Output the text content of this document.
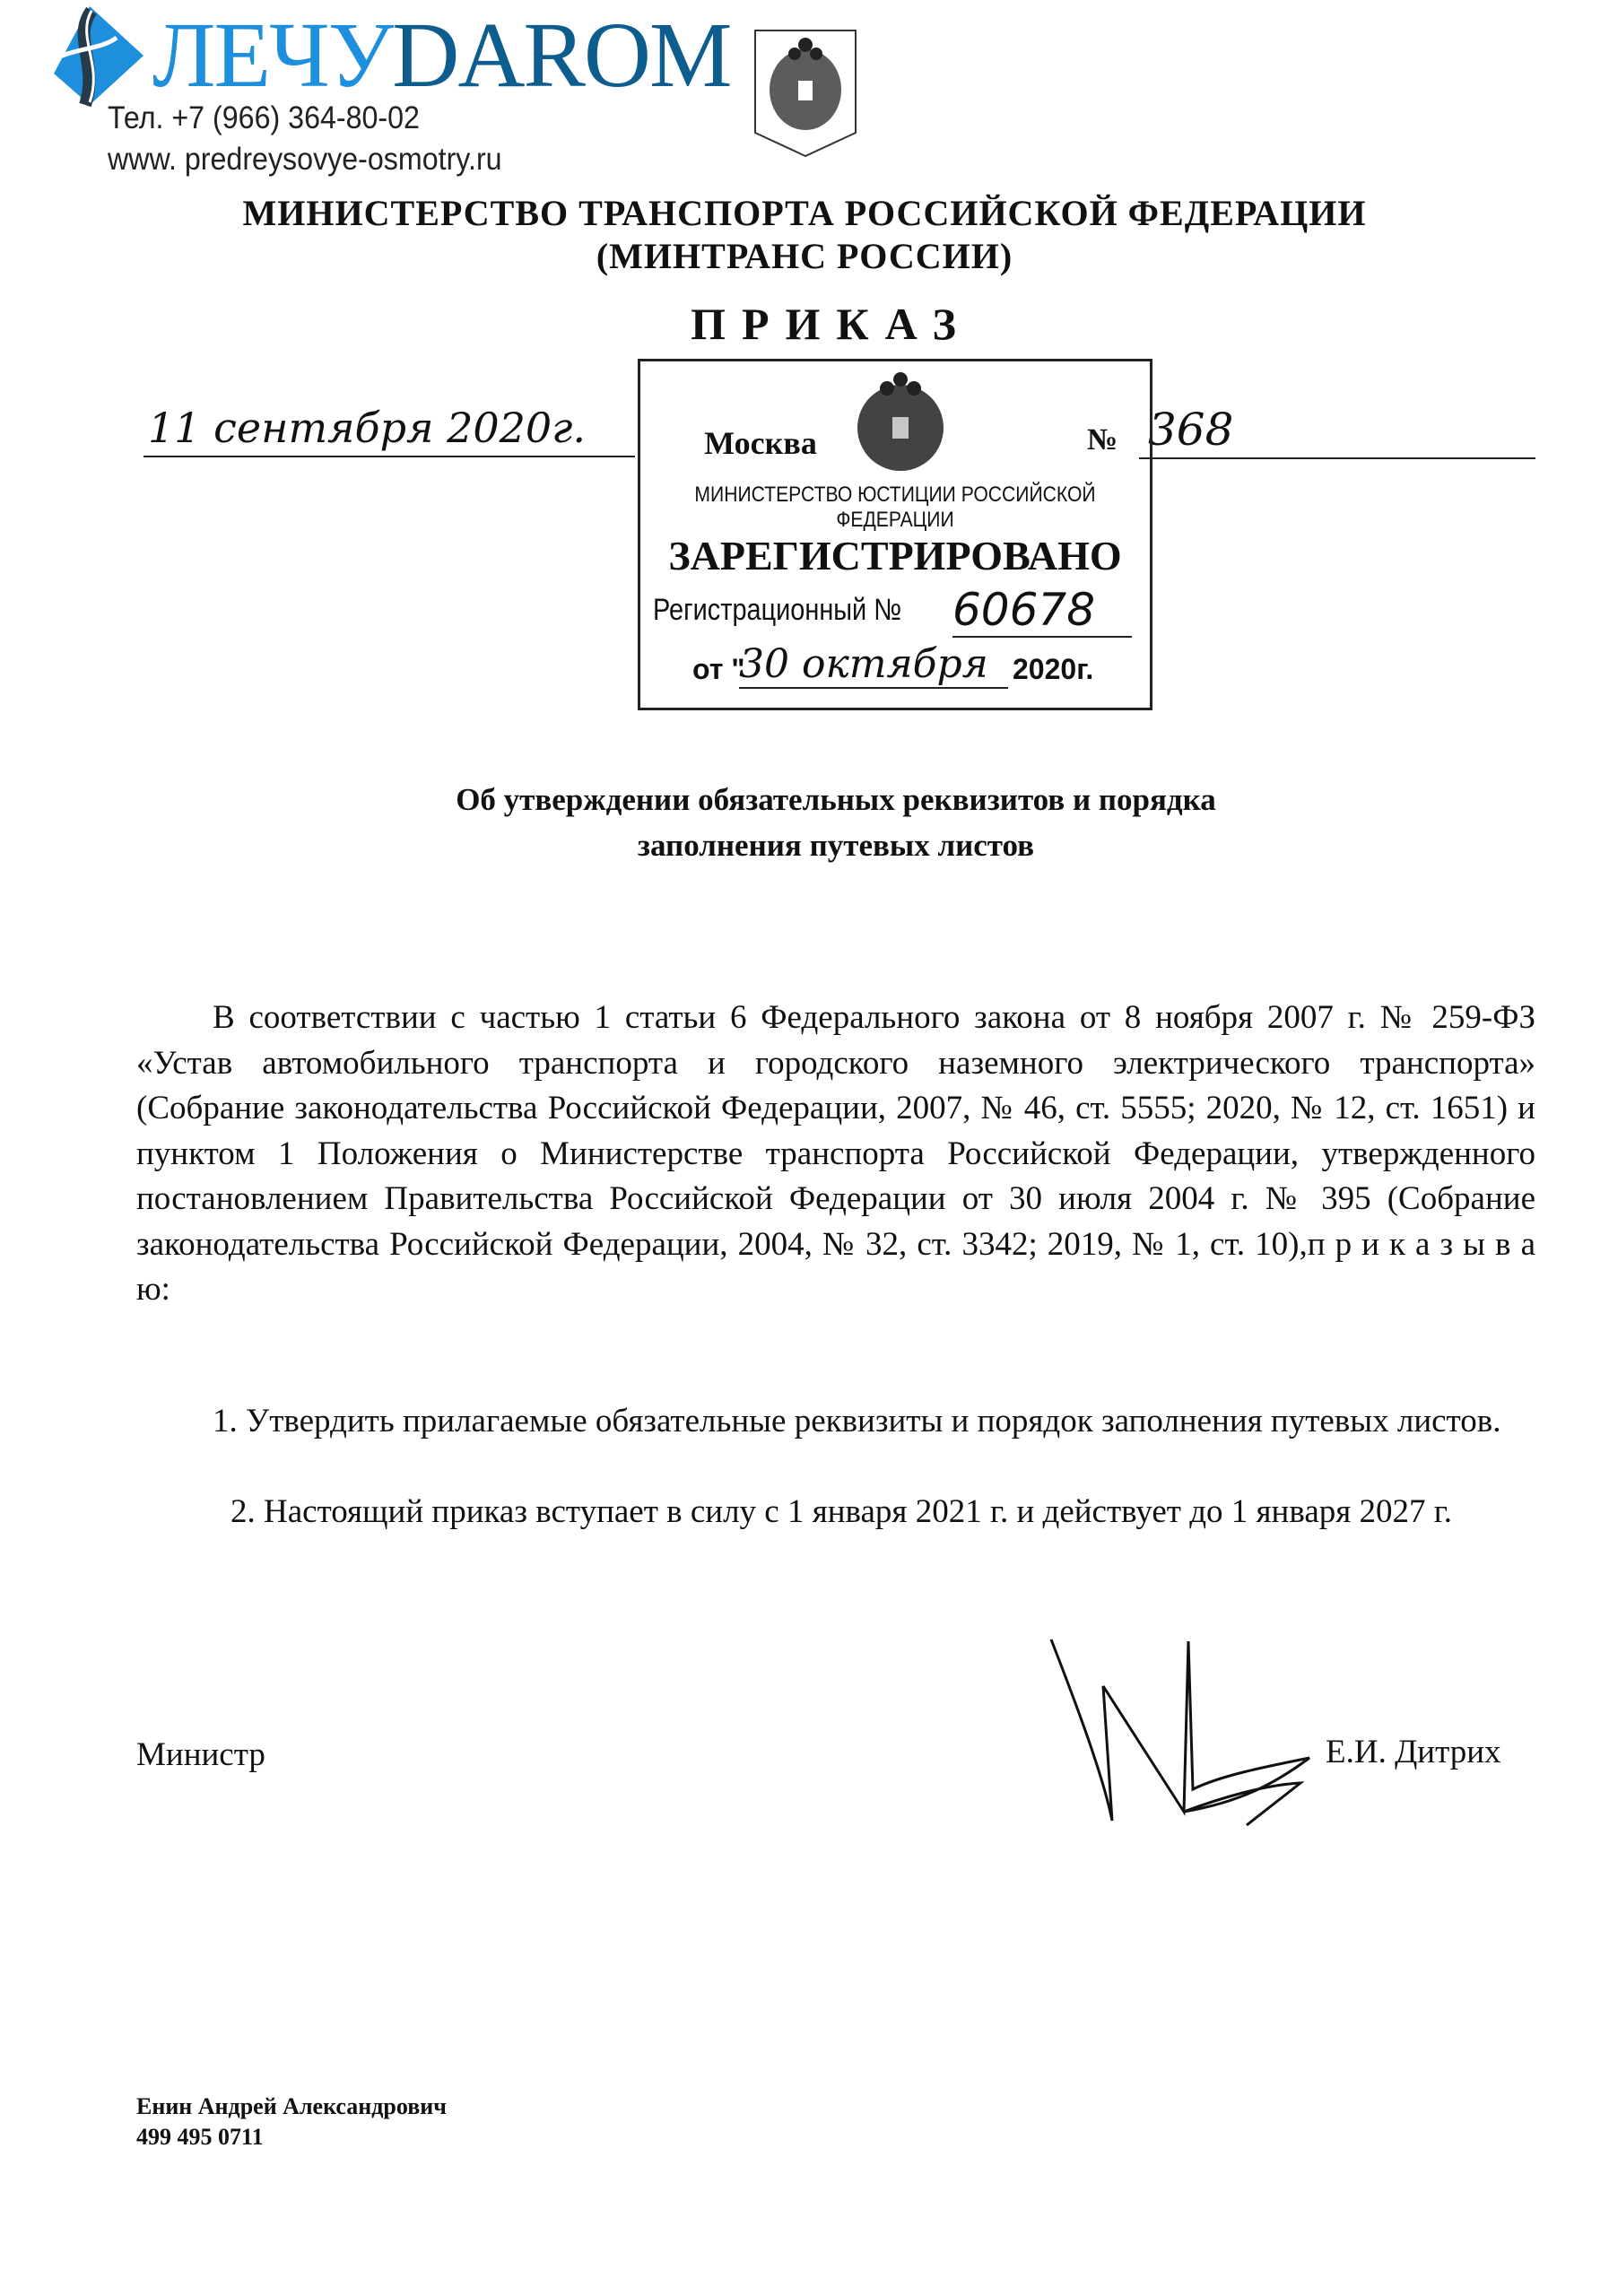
ЛЕЧУDAROM
Тел. +7 (966) 364-80-02
www. predreysovye-osmotry.ru
МИНИСТЕРСТВО ТРАНСПОРТА РОССИЙСКОЙ ФЕДЕРАЦИИ
(МИНТРАНС РОССИИ)
ПРИКАЗ
11 сентября 2020г.	№ 368
Москва
МИНИСТЕРСТВО ЮСТИЦИИ РОССИЙСКОЙ ФЕДЕРАЦИИ
ЗАРЕГИСТРИРОВАНО
Регистрационный № 60678
от "
30 октября 2020г.
Об утверждении обязательных реквизитов и порядка
заполнения путевых листов
В соответствии с частью 1 статьи 6 Федерального закона от 8 ноября 2007 г. № 259-ФЗ «Устав автомобильного транспорта и городского наземного электрического транспорта» (Собрание законодательства Российской Федерации, 2007, № 46, ст. 5555; 2020, № 12, ст. 1651) и пунктом 1 Положения о Министерстве транспорта Российской Федерации, утвержденного постановлением Правительства Российской Федерации от 30 июля 2004 г. № 395 (Собрание законодательства Российской Федерации, 2004, № 32, ст. 3342; 2019, № 1, ст. 10),п р и к а з ы в а ю:
1. Утвердить прилагаемые обязательные реквизиты и порядок заполнения путевых листов.
2. Настоящий приказ вступает в силу с 1 января 2021 г. и действует до 1 января 2027 г.
Министр	Е.И. Дитрих
Енин Андрей Александрович
499 495 0711
